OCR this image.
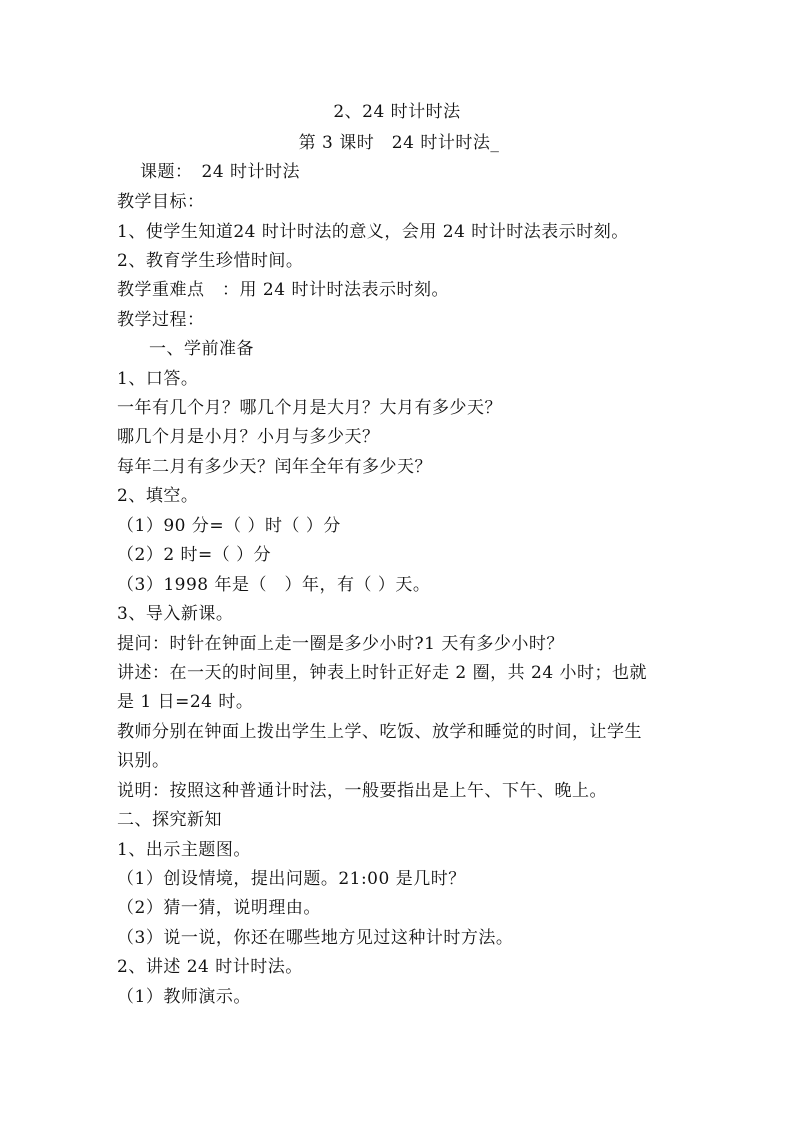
2、24 时计时法
第 3 课时　24 时计时法_
课题：　24 时计时法
教学目标：
1、使学生知道24 时计时法的意义，会用 24 时计时法表示时刻。
2、教育学生珍惜时间。
教学重难点　：用 24 时计时法表示时刻。
教学过程：
一、学前准备
1、口答。
一年有几个月？哪几个月是大月？大月有多少天？
哪几个月是小月？小月与多少天？
每年二月有多少天？闰年全年有多少天？
2、填空。
（1）90 分=（ ）时（ ）分
（2）2 时=（ ）分
（3）1998 年是（　）年，有（ ）天。
3、导入新课。
提问：时针在钟面上走一圈是多少小时?1 天有多少小时？
讲述：在一天的时间里，钟表上时针正好走 2 圈，共 24 小时；也就
是 1 日=24 时。
教师分别在钟面上拨出学生上学、吃饭、放学和睡觉的时间，让学生
识别。
说明：按照这种普通计时法，一般要指出是上午、下午、晚上。
二、探究新知
1、出示主题图。
（1）创设情境，提出问题。21:00 是几时？
（2）猜一猜，说明理由。
（3）说一说，你还在哪些地方见过这种计时方法。
2、讲述 24 时计时法。
（1）教师演示。
